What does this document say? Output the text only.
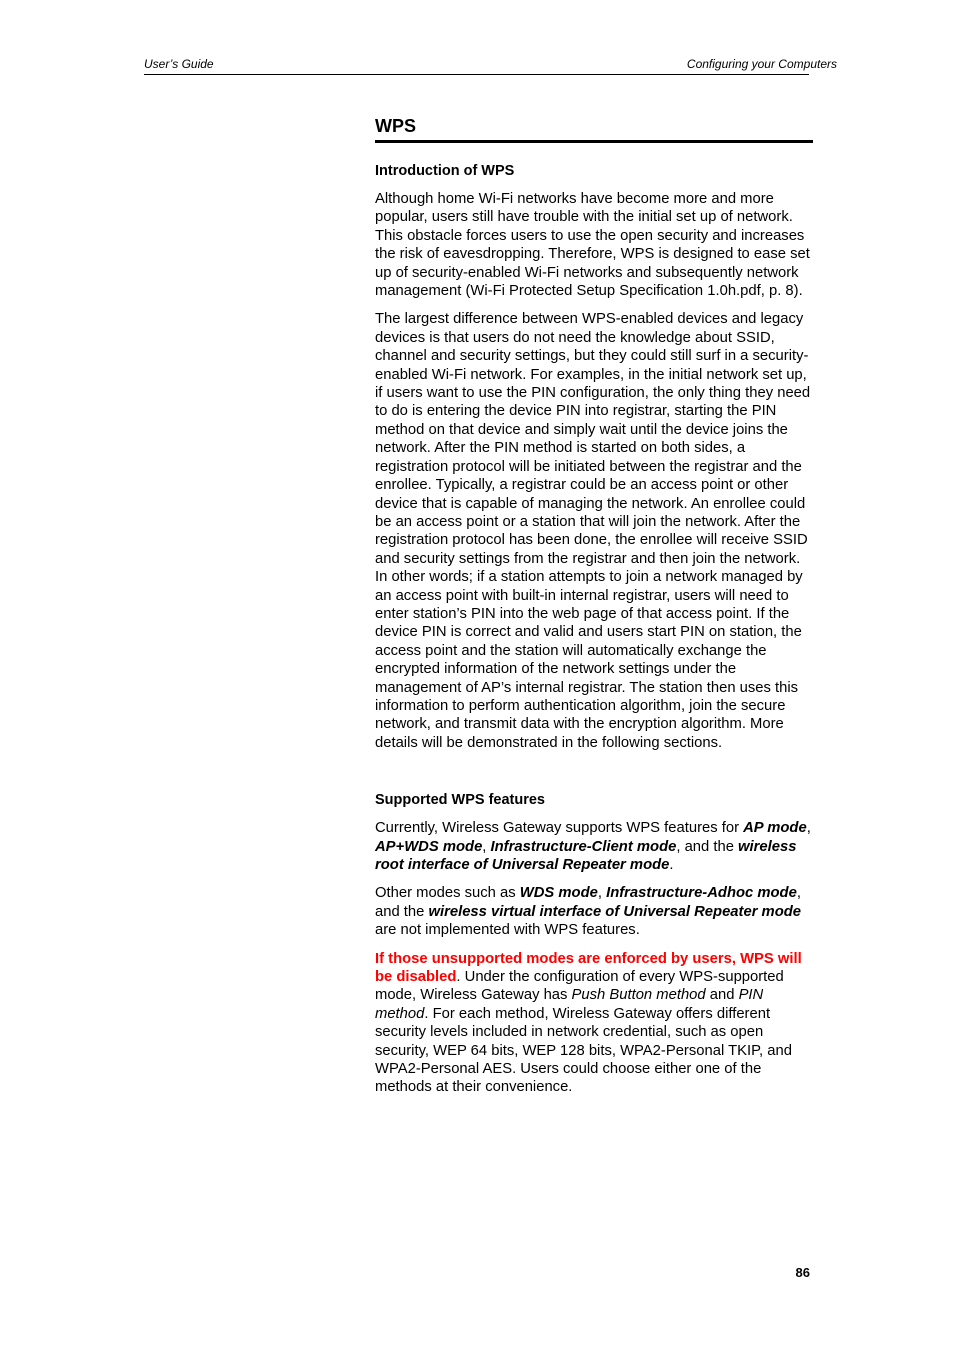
User’s Guide	Configuring your Computers
WPS
Introduction of WPS

Although home Wi-Fi networks have become more and more popular, users still have trouble with the initial set up of network. This obstacle forces users to use the open security and increases the risk of eavesdropping. Therefore, WPS is designed to ease set up of security-enabled Wi-Fi networks and subsequently network management (Wi-Fi Protected Setup Specification 1.0h.pdf, p. 8).

The largest difference between WPS-enabled devices and legacy devices is that users do not need the knowledge about SSID, channel and security settings, but they could still surf in a security-enabled Wi-Fi network. For examples, in the initial network set up, if users want to use the PIN configuration, the only thing they need to do is entering the device PIN into registrar, starting the PIN method on that device and simply wait until the device joins the network. After the PIN method is started on both sides, a registration protocol will be initiated between the registrar and the enrollee. Typically, a registrar could be an access point or other device that is capable of managing the network. An enrollee could be an access point or a station that will join the network. After the registration protocol has been done, the enrollee will receive SSID and security settings from the registrar and then join the network. In other words; if a station attempts to join a network managed by an access point with built-in internal registrar, users will need to enter station’s PIN into the web page of that access point. If the device PIN is correct and valid and users start PIN on station, the access point and the station will automatically exchange the encrypted information of the network settings under the management of AP’s internal registrar. The station then uses this information to perform authentication algorithm, join the secure network, and transmit data with the encryption algorithm. More details will be demonstrated in the following sections.

Supported WPS features

Currently, Wireless Gateway supports WPS features for AP mode, AP+WDS mode, Infrastructure-Client mode, and the wireless root interface of Universal Repeater mode.

Other modes such as WDS mode, Infrastructure-Adhoc mode, and the wireless virtual interface of Universal Repeater mode are not implemented with WPS features.

If those unsupported modes are enforced by users, WPS will be disabled. Under the configuration of every WPS-supported mode, Wireless Gateway has Push Button method and PIN method. For each method, Wireless Gateway offers different security levels included in network credential, such as open security, WEP 64 bits, WEP 128 bits, WPA2-Personal TKIP, and WPA2-Personal AES. Users could choose either one of the methods at their convenience.

86
